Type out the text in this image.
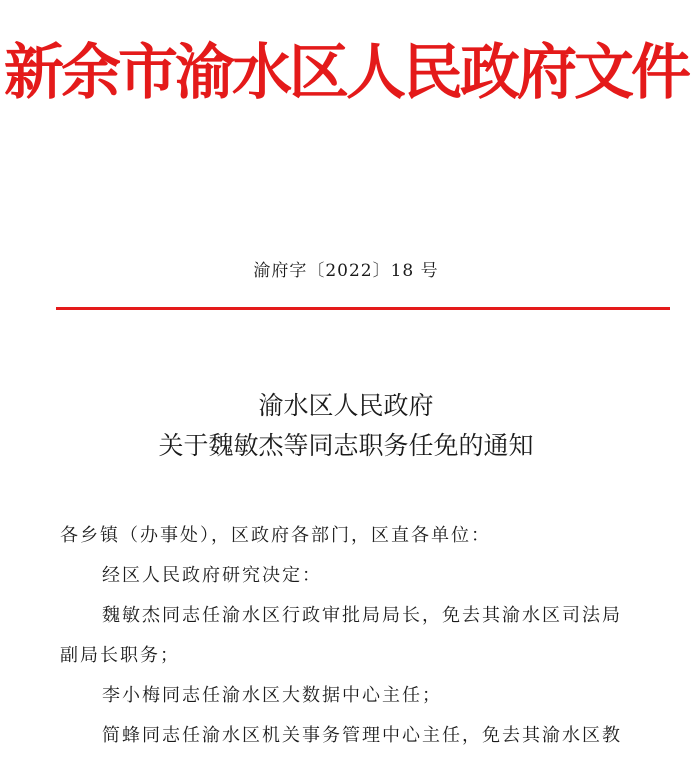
新余市渝水区人民政府文件
渝府字〔2022〕18 号
渝水区人民政府
关于魏敏杰等同志职务任免的通知
各乡镇（办事处），区政府各部门，区直各单位：
经区人民政府研究决定：
魏敏杰同志任渝水区行政审批局局长，免去其渝水区司法局
副局长职务；
李小梅同志任渝水区大数据中心主任；
简蜂同志任渝水区机关事务管理中心主任，免去其渝水区教
